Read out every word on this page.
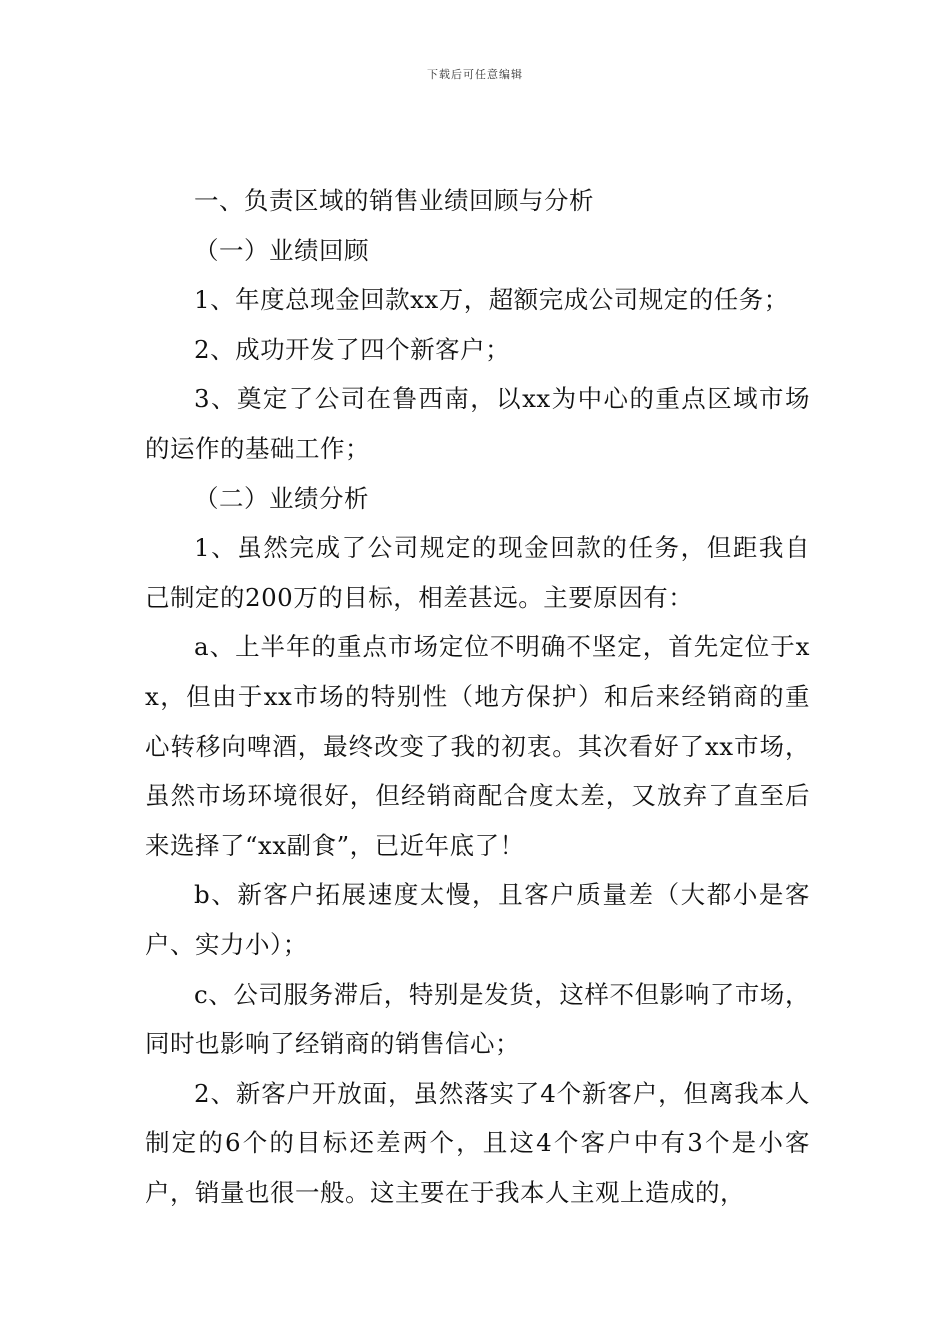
下载后可任意编辑

一、负责区域的销售业绩回顾与分析

（一）业绩回顾

1、年度总现金回款xx万，超额完成公司规定的任务；

2、成功开发了四个新客户；

3、奠定了公司在鲁西南，以xx为中心的重点区域市场的运作的基础工作；

（二）业绩分析

1、虽然完成了公司规定的现金回款的任务，但距我自己制定的200万的目标，相差甚远。主要原因有：

a、上半年的重点市场定位不明确不坚定，首先定位于xx，但由于xx市场的特别性（地方保护）和后来经销商的重心转移向啤酒，最终改变了我的初衷。其次看好了xx市场，虽然市场环境很好，但经销商配合度太差，又放弃了直至后来选择了“xx副食”，已近年底了！

b、新客户拓展速度太慢，且客户质量差（大都小是客户、实力小）；

c、公司服务滞后，特别是发货，这样不但影响了市场，同时也影响了经销商的销售信心；

2、新客户开放面，虽然落实了4个新客户，但离我本人制定的6个的目标还差两个，且这4个客户中有3个是小客户，销量也很一般。这主要在于我本人主观上造成的，
